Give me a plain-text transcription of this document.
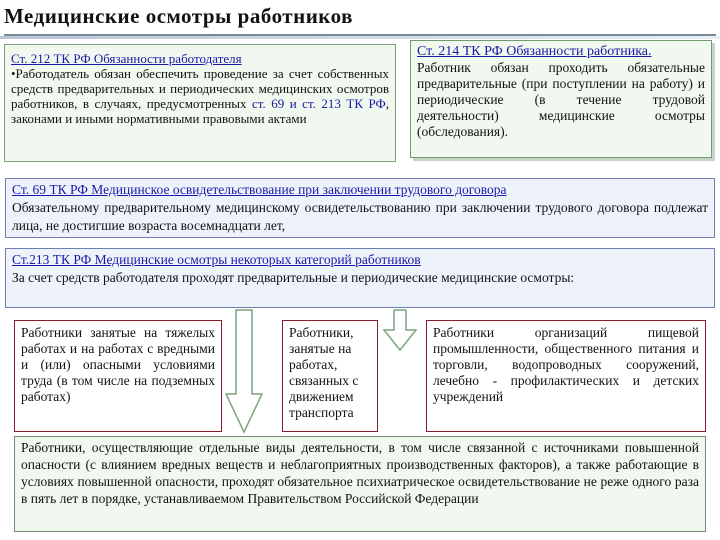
Медицинские осмотры работников
Ст. 212 ТК РФ Обязанности работодателя
•Работодатель обязан обеспечить проведение за счет собственных средств предварительных и периодических медицинских осмотров работников, в случаях, предусмотренных ст. 69 и ст. 213 ТК РФ, законами и иными нормативными правовыми актами
Ст. 214 ТК РФ Обязанности работника.
Работник обязан проходить обязательные предварительные (при поступлении на работу) и периодические (в течение трудовой деятельности) медицинские осмотры (обследования).
Ст. 69 ТК РФ Медицинское освидетельствование при заключении трудового договора
Обязательному предварительному медицинскому освидетельствованию при заключении трудового договора подлежат лица, не достигшие возраста восемнадцати лет,
Ст.213 ТК РФ Медицинские осмотры некоторых категорий работников
За счет средств работодателя проходят предварительные и периодические медицинские осмотры:
Работники занятые на тяжелых работах и на работах с вредными и (или) опасными условиями труда (в том числе на подземных работах)
Работники, занятые на работах, связанных с движением транспорта
Работники организаций пищевой промышленности, общественного питания и торговли, водопроводных сооружений, лечебно - профилактических и детских учреждений
Работники, осуществляющие отдельные виды деятельности, в том числе связанной с источниками повышенной опасности (с влиянием вредных веществ и неблагоприятных производственных факторов), а также работающие в условиях повышенной опасности, проходят обязательное психиатрическое освидетельствование не реже одного раза в пять лет в порядке, устанавливаемом Правительством Российской Федерации
